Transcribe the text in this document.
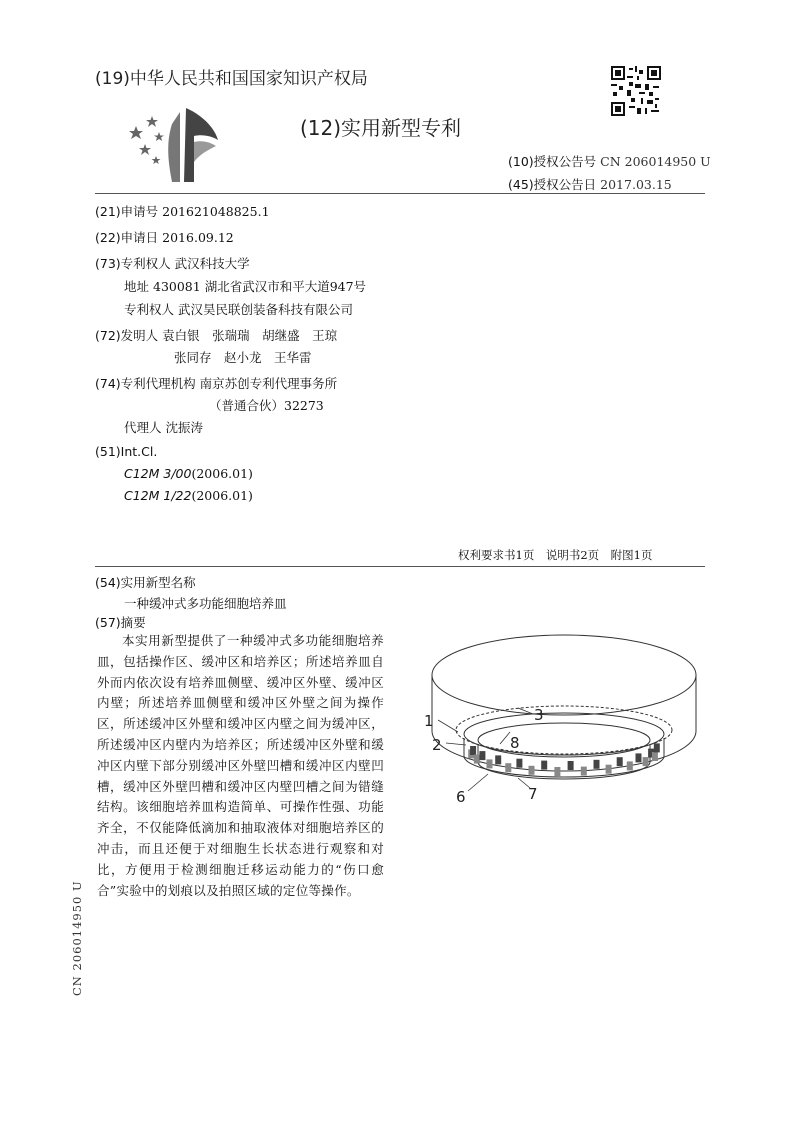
(19)中华人民共和国国家知识产权局
(12)实用新型专利
(10)授权公告号 CN 206014950 U
(45)授权公告日 2017.03.15
(21)申请号 201621048825.1
(22)申请日 2016.09.12
(73)专利权人 武汉科技大学
地址 430081 湖北省武汉市和平大道947号
专利权人 武汉昊民联创装备科技有限公司
(72)发明人 袁白银　张瑞瑞　胡继盛　王琼
张同存　赵小龙　王华雷
(74)专利代理机构 南京苏创专利代理事务所
（普通合伙）32273
代理人 沈振涛
(51)Int.Cl.
C12M 3/00(2006.01)
C12M 1/22(2006.01)
权利要求书1页　说明书2页　附图1页
(54)实用新型名称
一种缓冲式多功能细胞培养皿
(57)摘要

本实用新型提供了一种缓冲式多功能细胞培养皿，包括操作区、缓冲区和培养区；所述培养皿自外而内依次设有培养皿侧壁、缓冲区外壁、缓冲区内壁；所述培养皿侧壁和缓冲区外壁之间为操作区，所述缓冲区外壁和缓冲区内壁之间为缓冲区，所述缓冲区内壁内为培养区；所述缓冲区外壁和缓冲区内壁下部分别缓冲区外壁凹槽和缓冲区内壁凹槽，缓冲区外壁凹槽和缓冲区内壁凹槽之间为错缝结构。该细胞培养皿构造简单、可操作性强、功能齐全，不仅能降低滴加和抽取液体对细胞培养区的冲击，而且还便于对细胞生长状态进行观察和对比，方便用于检测细胞迁移运动能力的“伤口愈合”实验中的划痕以及拍照区域的定位等操作。

1
2
3
6	7
8
CN 206014950 U
